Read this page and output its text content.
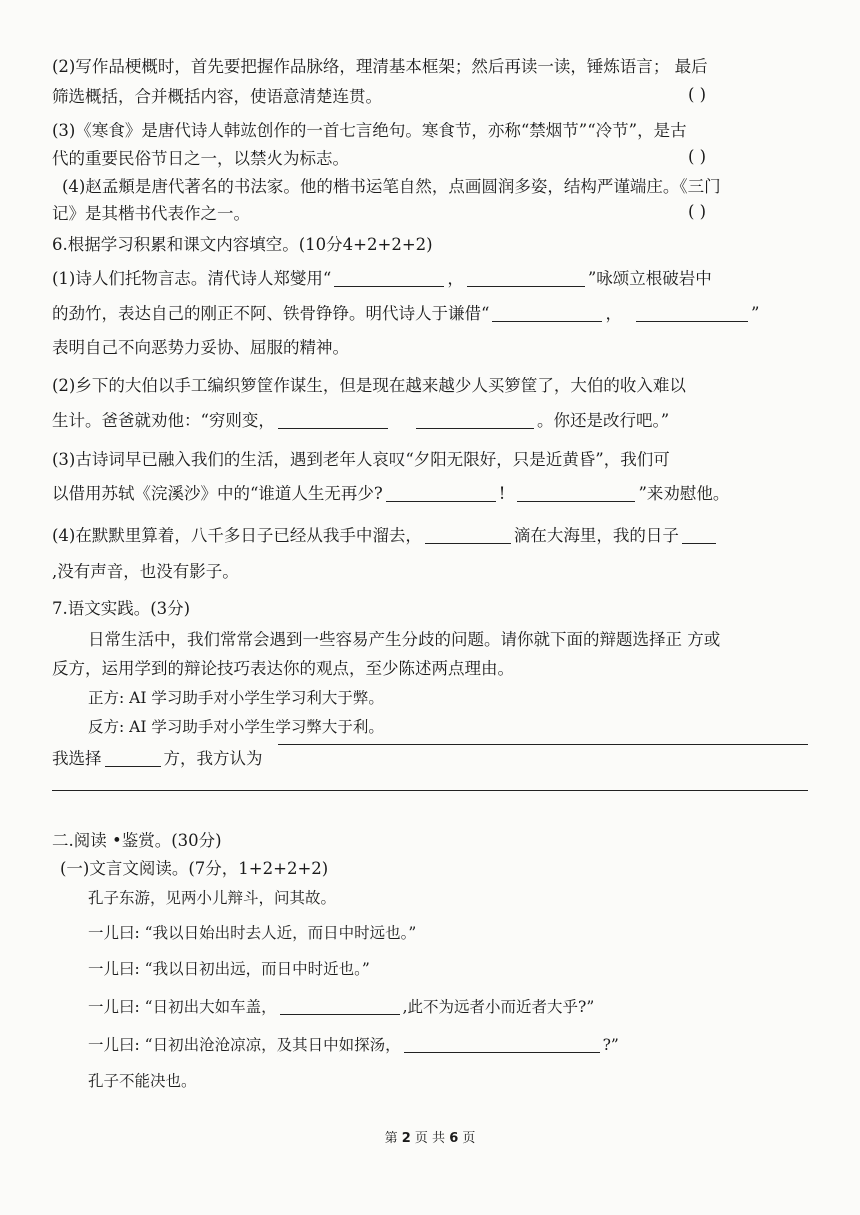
(2)写作品梗概时，首先要把握作品脉络，理清基本框架；然后再读一读，锤炼语言； 最后
筛选概括，合并概括内容，使语意清楚连贯。	( )
(3)《寒食》是唐代诗人韩竑创作的一首七言绝句。寒食节，亦称“禁烟节”“冷节”，是古
代的重要民俗节日之一，以禁火为标志。	( )
(4)赵孟頫是唐代著名的书法家。他的楷书运笔自然，点画圆润多姿，结构严谨端庄。《三门
记》是其楷书代表作之一。	( )
6.根据学习积累和课文内容填空。(10分4+2+2+2)
(1)诗人们托物言志。清代诗人郑燮用“	，	”咏颂立根破岩中
的劲竹，表达自己的刚正不阿、铁骨铮铮。明代诗人于谦借“	，	”
表明自己不向恶势力妥协、屈服的精神。
(2)乡下的大伯以手工编织箩筐作谋生，但是现在越来越少人买箩筐了，大伯的收入难以
生计。爸爸就劝他：“穷则变，	。你还是改行吧。”
(3)古诗词早已融入我们的生活，遇到老年人哀叹“夕阳无限好，只是近黄昏”，我们可
以借用苏轼《浣溪沙》中的“谁道人生无再少?	!	”来劝慰他。
(4)在默默里算着，八千多日子已经从我手中溜去，	滴在大海里，我的日子
,没有声音，也没有影子。
7.语文实践。(3分)
日常生活中，我们常常会遇到一些容易产生分歧的问题。请你就下面的辩题选择正 方或
反方，运用学到的辩论技巧表达你的观点，至少陈述两点理由。
正方: AI 学习助手对小学生学习利大于弊。
反方: AI 学习助手对小学生学习弊大于利。
我选择	方，我方认为
二.阅读 •鉴赏。(30分)
(一)文言文阅读。(7分，1+2+2+2)
孔子东游，见两小儿辩斗，问其故。
一儿曰: “我以日始出时去人近，而日中时远也。”
一儿曰: “我以日初出远，而日中时近也。”
一儿曰: “日初出大如车盖，	,此不为远者小而近者大乎?”
一儿曰: “日初出沧沧凉凉，及其日中如探汤，	?”
孔子不能决也。
第 2 页 共 6 页
